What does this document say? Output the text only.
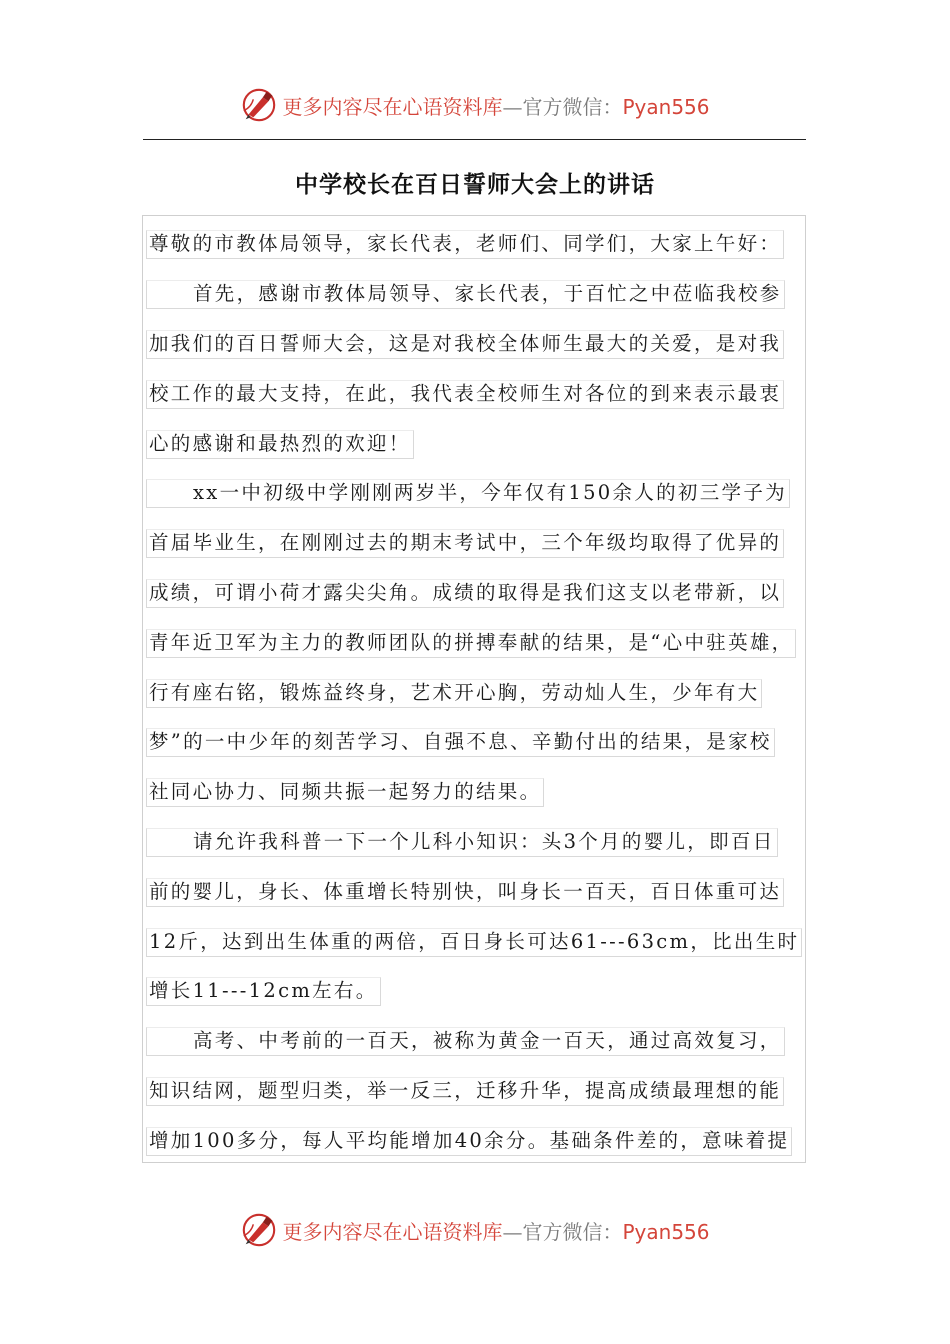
更多内容尽在心语资料库 —官方微信： Pyan556
中学校长在百日誓师大会上的讲话
尊敬的市教体局领导，家长代表，老师们、同学们，大家上午好：
首先，感谢市教体局领导、家长代表，于百忙之中莅临我校参
加我们的百日誓师大会，这是对我校全体师生最大的关爱，是对我
校工作的最大支持，在此，我代表全校师生对各位的到来表示最衷
心的感谢和最热烈的欢迎！
xx一中初级中学刚刚两岁半，今年仅有150余人的初三学子为
首届毕业生，在刚刚过去的期末考试中，三个年级均取得了优异的
成绩，可谓小荷才露尖尖角。成绩的取得是我们这支以老带新，以
青年近卫军为主力的教师团队的拼搏奉献的结果，是“心中驻英雄，
行有座右铭，锻炼益终身，艺术开心胸，劳动灿人生，少年有大
梦”的一中少年的刻苦学习、自强不息、辛勤付出的结果，是家校
社同心协力、同频共振一起努力的结果。
请允许我科普一下一个儿科小知识：头3个月的婴儿，即百日
前的婴儿，身长、体重增长特别快，叫身长一百天，百日体重可达
12斤，达到出生体重的两倍，百日身长可达61---63cm，比出生时
增长11---12cm左右。
高考、中考前的一百天，被称为黄金一百天，通过高效复习，
知识结网，题型归类，举一反三，迁移升华，提高成绩最理想的能
增加100多分，每人平均能增加40余分。基础条件差的，意味着提
更多内容尽在心语资料库 —官方微信： Pyan556
